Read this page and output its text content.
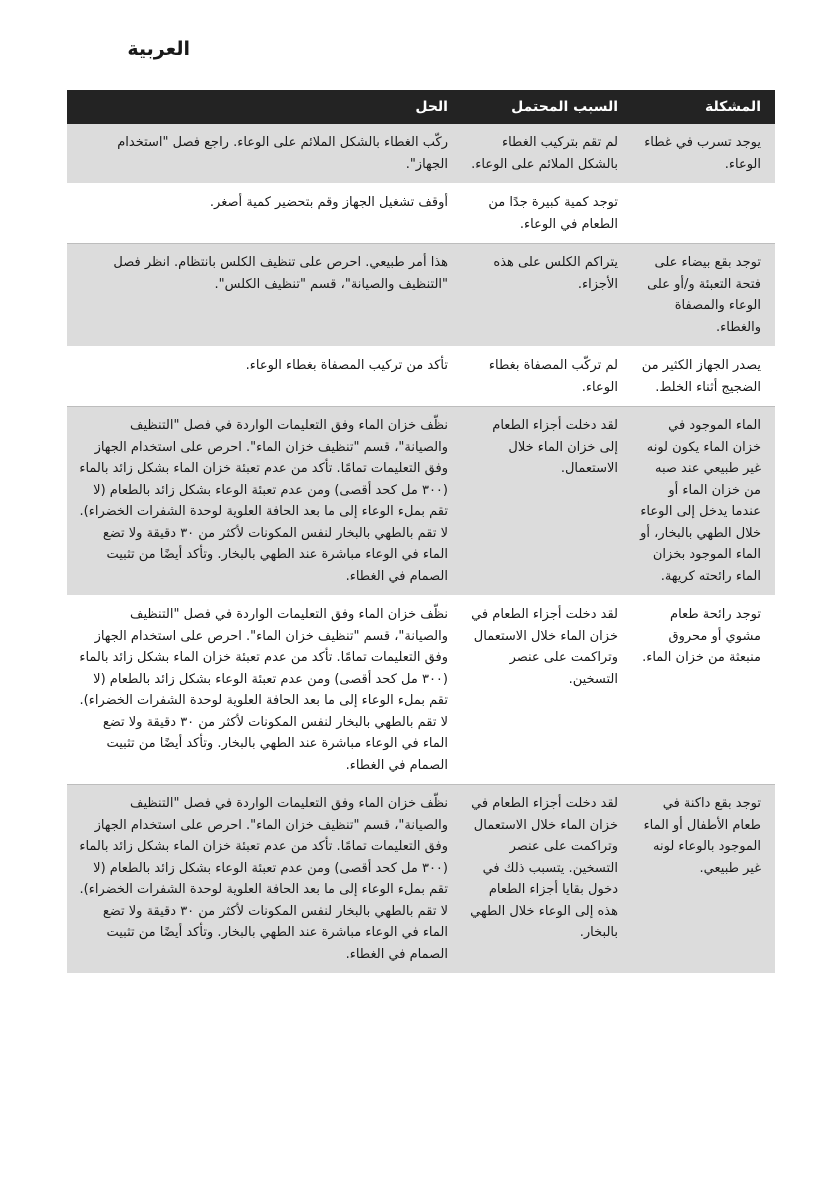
العربية
المشكلة	السبب المحتمل	الحل
يوجد تسرب في غطاء الوعاء.	لم تقم بتركيب الغطاء بالشكل الملائم على الوعاء.	ركّب الغطاء بالشكل الملائم على الوعاء. راجع فصل "استخدام الجهاز".
	توجد كمية كبيرة جدًا من الطعام في الوعاء.	أوقف تشغيل الجهاز وقم بتحضير كمية أصغر.
توجد بقع بيضاء على فتحة التعبئة و/أو على الوعاء والمصفاة والغطاء.	يتراكم الكلس على هذه الأجزاء.	هذا أمر طبيعي. احرص على تنظيف الكلس بانتظام. انظر فصل "التنظيف والصيانة"، قسم "تنظيف الكلس".
يصدر الجهاز الكثير من الضجيج أثناء الخلط.	لم تركّب المصفاة بغطاء الوعاء.	تأكد من تركيب المصفاة بغطاء الوعاء.
الماء الموجود في خزان الماء يكون لونه غير طبيعي عند صبه من خزان الماء أو عندما يدخل إلى الوعاء خلال الطهي بالبخار، أو الماء الموجود بخزان الماء رائحته كريهة.	لقد دخلت أجزاء الطعام إلى خزان الماء خلال الاستعمال.	نظّف خزان الماء وفق التعليمات الواردة في فصل "التنظيف والصيانة"، قسم "تنظيف خزان الماء". احرص على استخدام الجهاز وفق التعليمات تمامًا. تأكد من عدم تعبئة خزان الماء بشكل زائد بالماء (٣٠٠ مل كحد أقصى) ومن عدم تعبئة الوعاء بشكل زائد بالطعام (لا تقم بملء الوعاء إلى ما بعد الحافة العلوية لوحدة الشفرات الخضراء). لا تقم بالطهي بالبخار لنفس المكونات لأكثر من ٣٠ دقيقة ولا تضع الماء في الوعاء مباشرة عند الطهي بالبخار. وتأكد أيضًا من تثبيت الصمام في الغطاء.
توجد رائحة طعام مشوي أو محروق منبعثة من خزان الماء.	لقد دخلت أجزاء الطعام في خزان الماء خلال الاستعمال وتراكمت على عنصر التسخين.	نظّف خزان الماء وفق التعليمات الواردة في فصل "التنظيف والصيانة"، قسم "تنظيف خزان الماء". احرص على استخدام الجهاز وفق التعليمات تمامًا. تأكد من عدم تعبئة خزان الماء بشكل زائد بالماء (٣٠٠ مل كحد أقصى) ومن عدم تعبئة الوعاء بشكل زائد بالطعام (لا تقم بملء الوعاء إلى ما بعد الحافة العلوية لوحدة الشفرات الخضراء). لا تقم بالطهي بالبخار لنفس المكونات لأكثر من ٣٠ دقيقة ولا تضع الماء في الوعاء مباشرة عند الطهي بالبخار. وتأكد أيضًا من تثبيت الصمام في الغطاء.
توجد بقع داكنة في طعام الأطفال أو الماء الموجود بالوعاء لونه غير طبيعي.	لقد دخلت أجزاء الطعام في خزان الماء خلال الاستعمال وتراكمت على عنصر التسخين. يتسبب ذلك في دخول بقايا أجزاء الطعام هذه إلى الوعاء خلال الطهي بالبخار.	نظّف خزان الماء وفق التعليمات الواردة في فصل "التنظيف والصيانة"، قسم "تنظيف خزان الماء". احرص على استخدام الجهاز وفق التعليمات تمامًا. تأكد من عدم تعبئة خزان الماء بشكل زائد بالماء (٣٠٠ مل كحد أقصى) ومن عدم تعبئة الوعاء بشكل زائد بالطعام (لا تقم بملء الوعاء إلى ما بعد الحافة العلوية لوحدة الشفرات الخضراء). لا تقم بالطهي بالبخار لنفس المكونات لأكثر من ٣٠ دقيقة ولا تضع الماء في الوعاء مباشرة عند الطهي بالبخار. وتأكد أيضًا من تثبيت الصمام في الغطاء.
